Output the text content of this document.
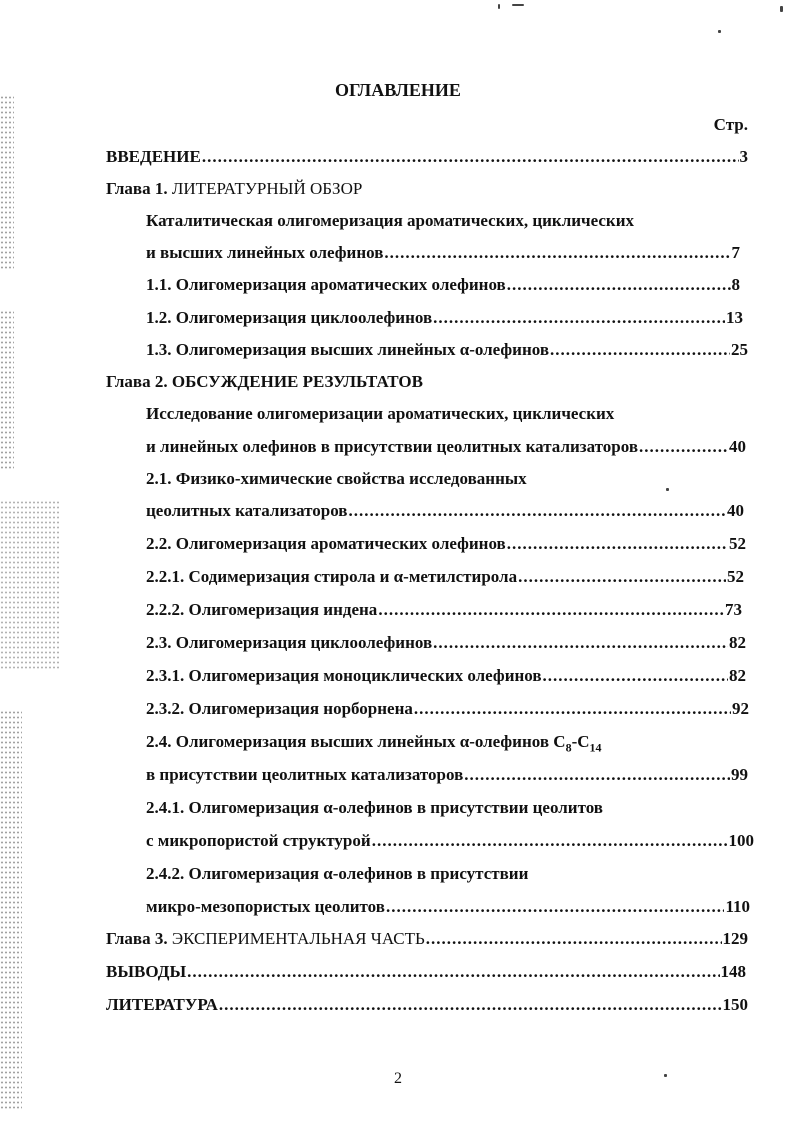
ОГЛАВЛЕНИЕ
Стр.
ВВЕДЕНИЕ .....	3
Глава 1. ЛИТЕРАТУРНЫЙ ОБЗОР
Каталитическая олигомеризация ароматических, циклических
и высших линейных олефинов .....	7
1.1. Олигомеризация ароматических олефинов .....	8
1.2. Олигомеризация циклоолефинов .....	13
1.3. Олигомеризация высших линейных α-олефинов .....	25
Глава 2. ОБСУЖДЕНИЕ РЕЗУЛЬТАТОВ
Исследование олигомеризации ароматических, циклических
и линейных олефинов в присутствии цеолитных катализаторов .....	40
2.1. Физико-химические свойства исследованных
цеолитных катализаторов .....	40
2.2. Олигомеризация ароматических олефинов .....	52
2.2.1. Содимеризация стирола и α-метилстирола .....	52
2.2.2. Олигомеризация индена .....	73
2.3. Олигомеризация циклоолефинов .....	82
2.3.1. Олигомеризация моноциклических олефинов .....	82
2.3.2. Олигомеризация норборнена .....	92
2.4. Олигомеризация высших линейных α-олефинов $С_8-С_{14}$
в присутствии цеолитных катализаторов .....	99
2.4.1. Олигомеризация α-олефинов в присутствии цеолитов
с микропористой структурой .....	100
2.4.2. Олигомеризация α-олефинов в присутствии
микро-мезопористых цеолитов .....	110
Глава 3. ЭКСПЕРИМЕНТАЛЬНАЯ ЧАСТЬ .....	129
ВЫВОДЫ .....	148
ЛИТЕРАТУРА .....	150
2
